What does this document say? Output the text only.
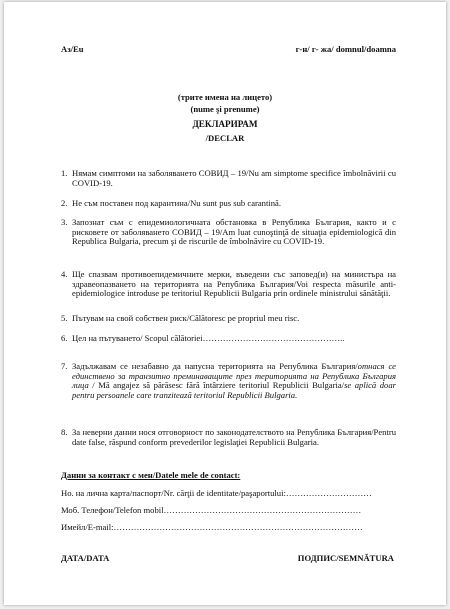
Аз/Eu	г-н/ г- жа/ domnul/doamna
(трите имена на лицето)
(nume şi prenume)
ДЕКЛАРИРАМ
/DECLAR
1. Нямам симптоми на заболяването СОВИД – 19/Nu am simptome specifice îmbolnăvirii cu COVID-19.
2. Не съм поставен под карантина/Nu sunt pus sub carantină.
3. Запознат съм с епидемиологичната обстановка в Република България, както и с рисковете от заболяването СОВИД – 19/Am luat cunoştinţă de situaţia epidemiologică din Republica Bulgaria, precum şi de riscurile de îmbolnăvire cu COVID-19.
4. Ще спазвам противоепидемичните мерки, въведени със заповед(и) на министъра на здравеопазването на територията на Република България/Voi respecta măsurile anti-epidemiologice introduse pe teritoriul Republicii Bulgaria prin ordinele ministrului sănătăţii.
5. Пътувам на свой собствен риск/Călătoresc pe propriul meu risc.
6. Цел на пътуването/ Scopul călătoriei…………………………………………..
7. Задължавам се незабавно да напусна територията на Република България/отнася се единствено за транзитно преминаващите през територията на Република България лица / Mă angajez să părăsesc fără întârziere teritoriul Republicii Bulgaria/se aplică doar pentru persoanele care tranzitează teritoriul Republicii Bulgaria.
8. За неверни данни нося отговорност по законодателството на Република България/Pentru date false, răspund conform prevederilor legislaţiei Republicii Bulgaria.
Данни за контакт с мен/Datele mele de contact:
Но. на лична карта/паспорт/Nr. cărţii de identitate/paşaportului:…………………………
Моб. Телефон/Telefon mobil……………………………………………………………
Имейл/E-mail:……………………………………………………………………………
ДАТА/DATA	ПОДПИС/SEMNĂTURA
